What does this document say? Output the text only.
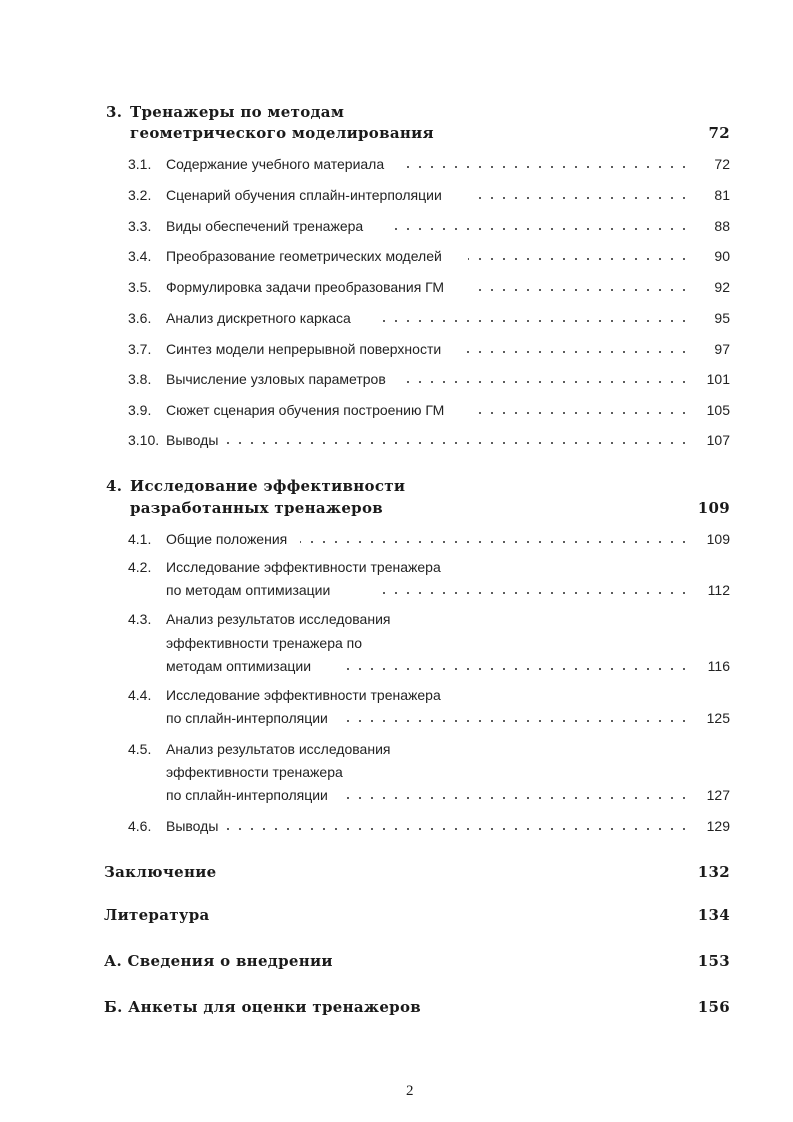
3. Тренажеры по методам
геометрического моделирования	72
3.1. Содержание учебного материала	72
3.2. Сценарий обучения сплайн-интерполяции	81
3.3. Виды обеспечений тренажера	88
3.4. Преобразование геометрических моделей	90
3.5. Формулировка задачи преобразования ГМ	92
3.6. Анализ дискретного каркаса	95
3.7. Синтез модели непрерывной поверхности	97
3.8. Вычисление узловых параметров	101
3.9. Сюжет сценария обучения построению ГМ	105
3.10. Выводы	107
4. Исследование эффективности
разработанных тренажеров	109
4.1. Общие положения	109
4.2. Исследование эффективности тренажера
по методам оптимизации	112
4.3. Анализ результатов исследования
эффективности тренажера по
методам оптимизации	116
4.4. Исследование эффективности тренажера
по сплайн-интерполяции	125
4.5. Анализ результатов исследования
эффективности тренажера
по сплайн-интерполяции	127
4.6. Выводы	129
Заключение	132
Литература	134
А. Сведения о внедрении	153
Б. Анкеты для оценки тренажеров	156
2
